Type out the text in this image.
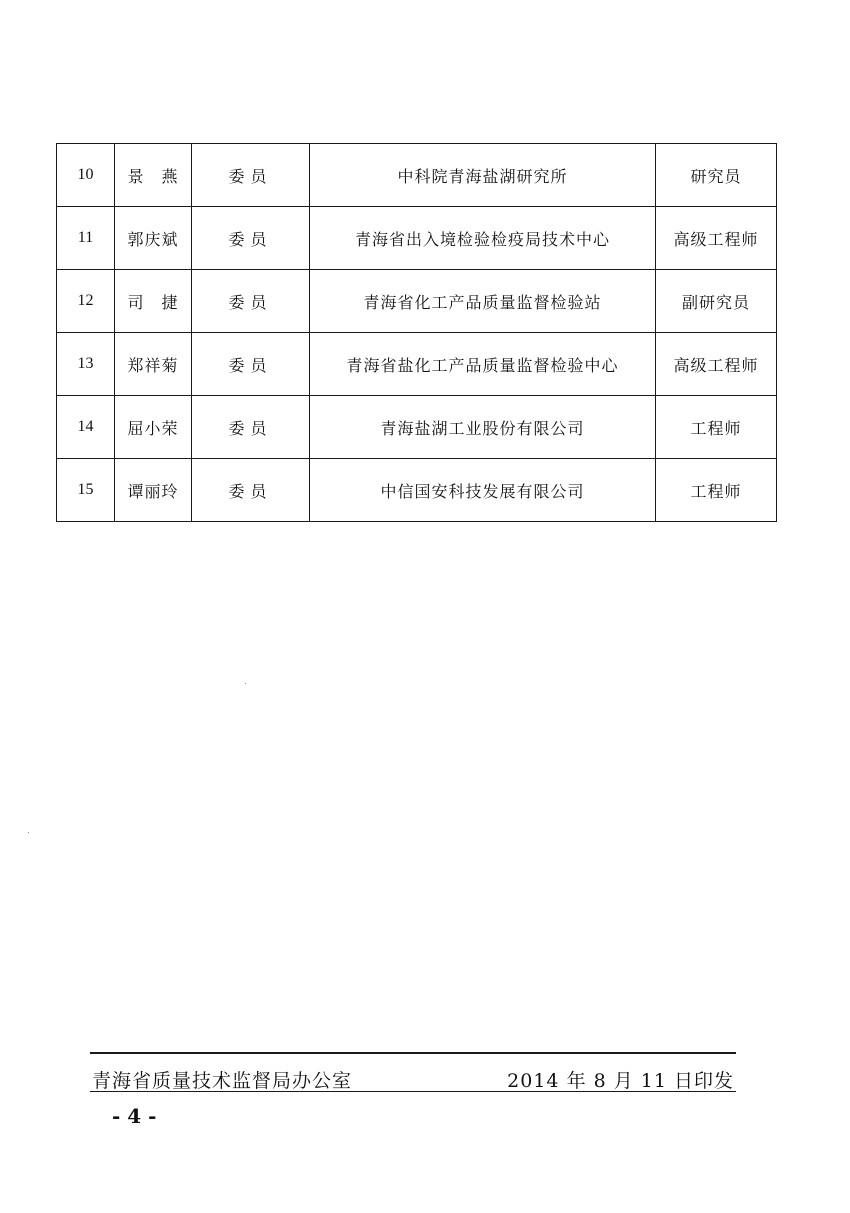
10	景　燕	委员	中科院青海盐湖研究所	研究员
11	郭庆斌	委员	青海省出入境检验检疫局技术中心	高级工程师
12	司　捷	委员	青海省化工产品质量监督检验站	副研究员
13	郑祥菊	委员	青海省盐化工产品质量监督检验中心	高级工程师
14	屈小荣	委员	青海盐湖工业股份有限公司	工程师
15	谭丽玲	委员	中信国安科技发展有限公司	工程师
青海省质量技术监督局办公室	2014 年 8 月 11 日印发
- 4 -
